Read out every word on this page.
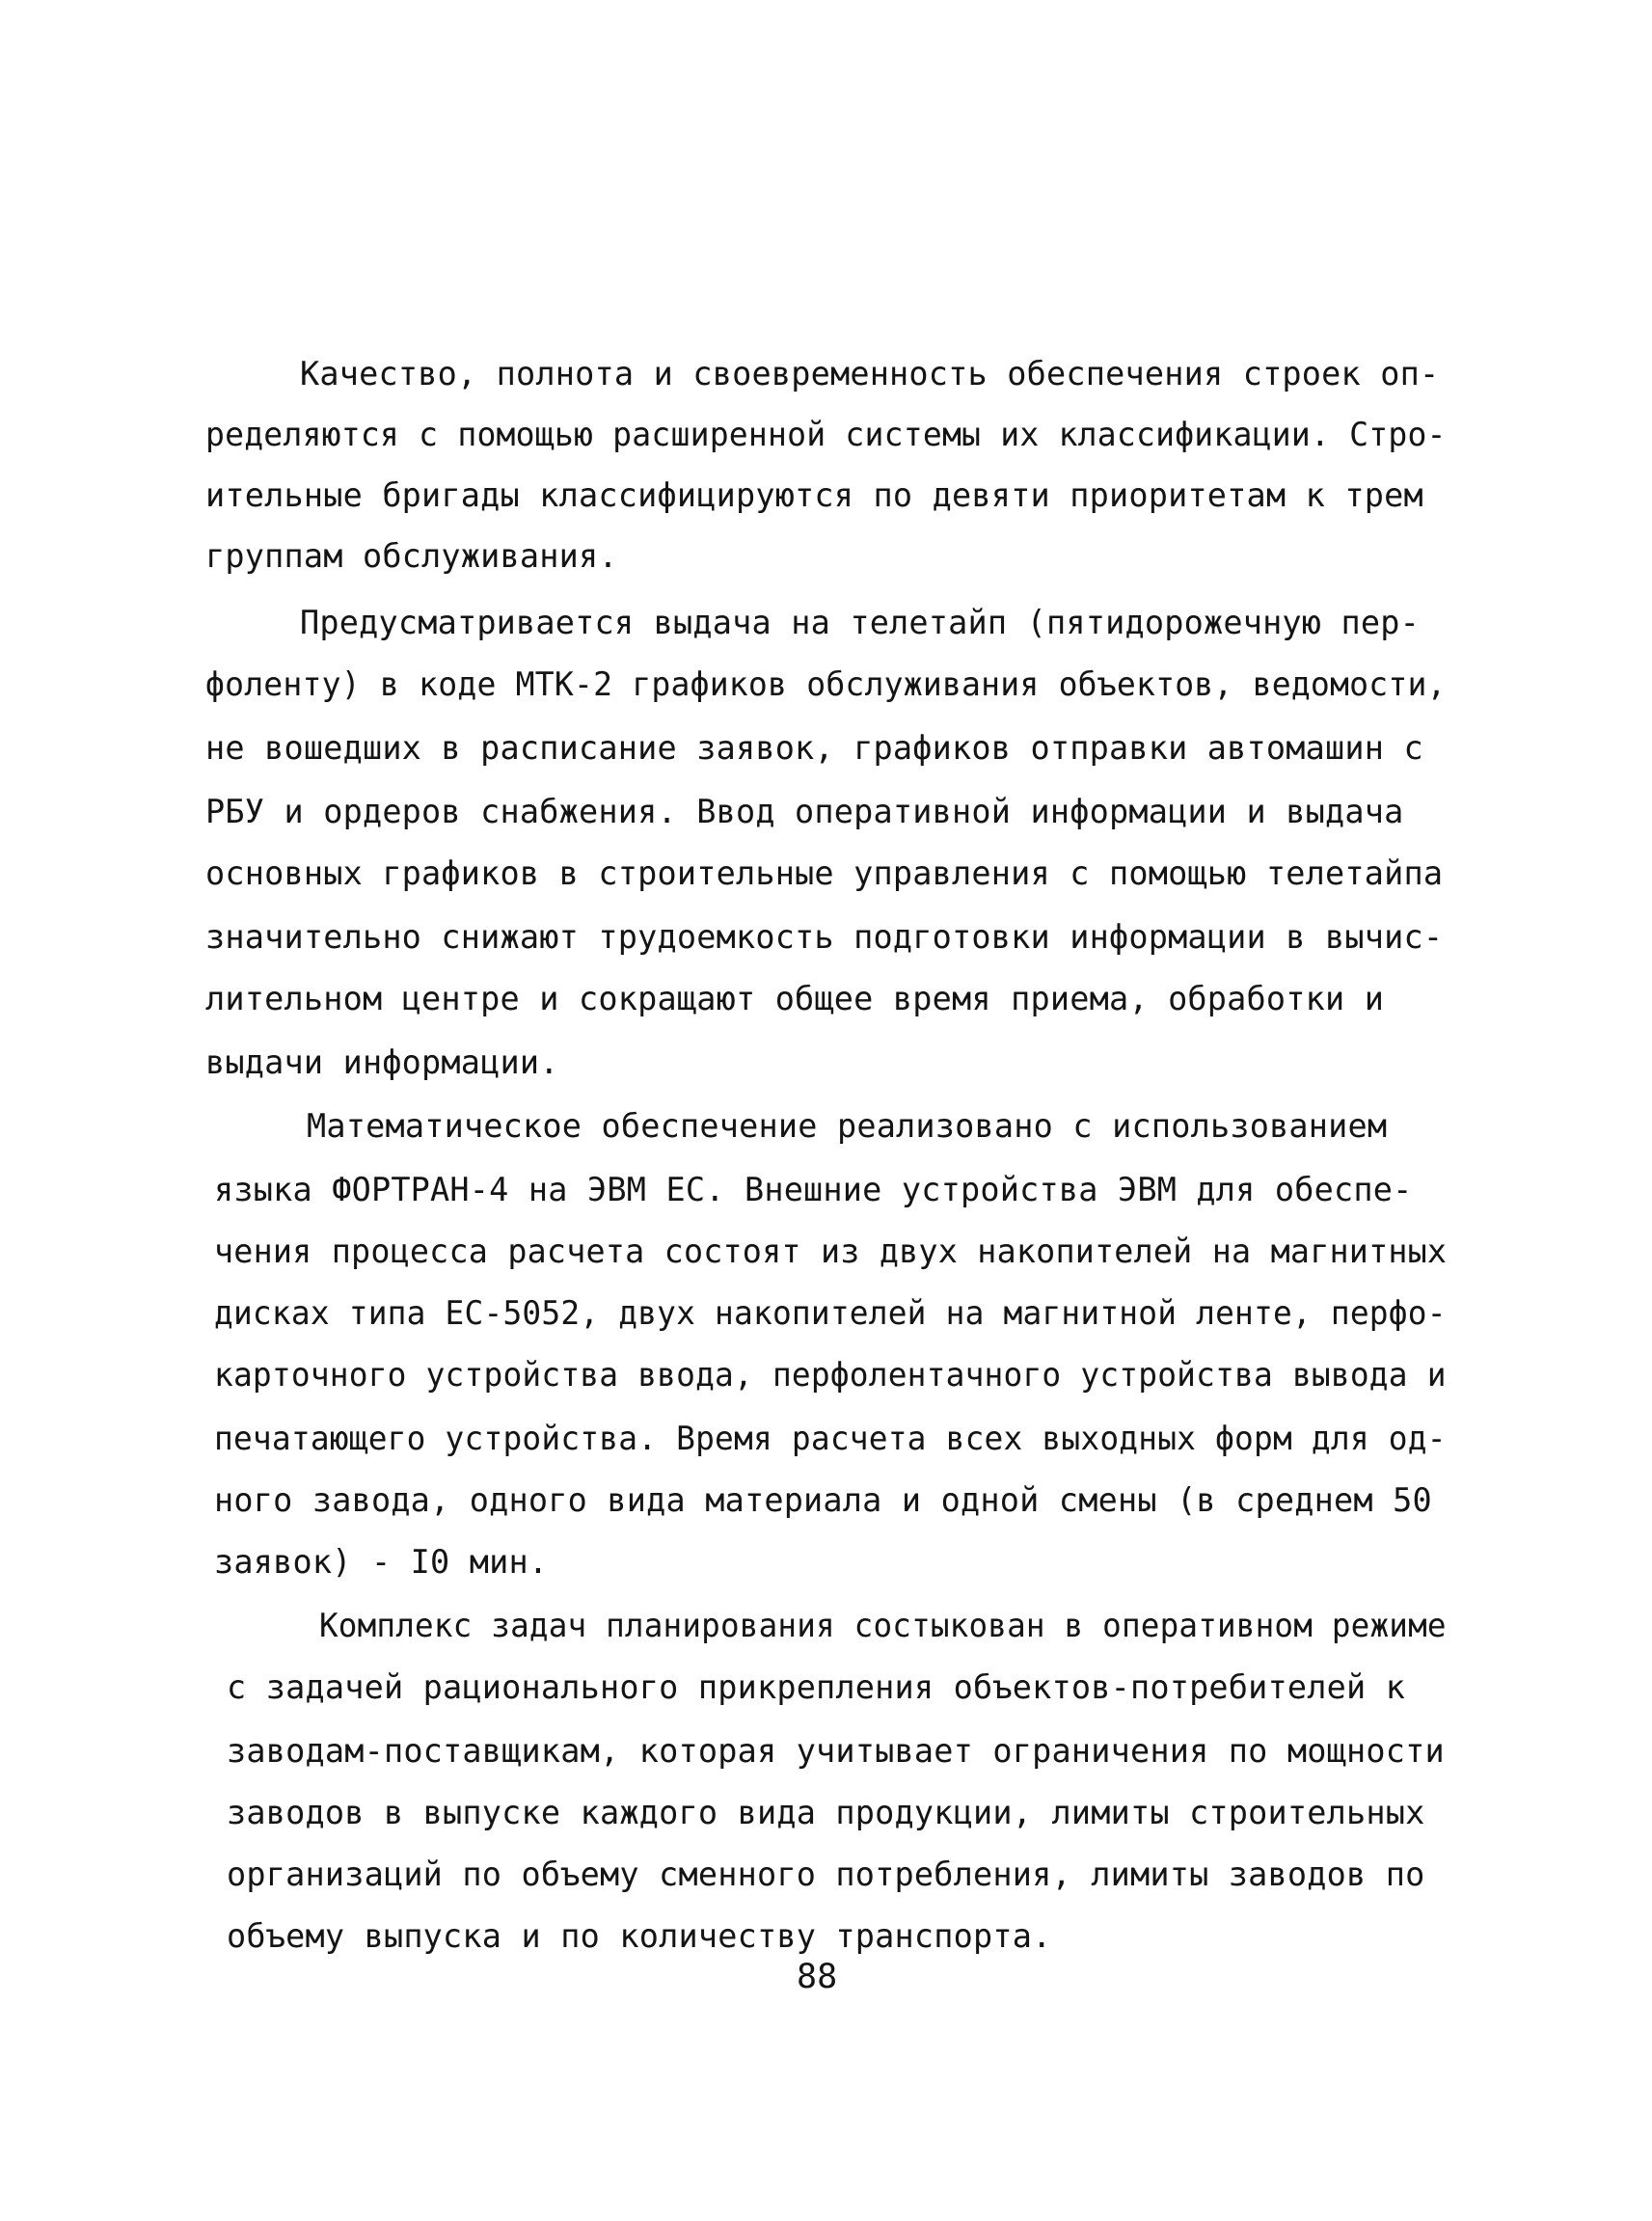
Качество, полнота и своевременность обеспечения строек оп-
ределяются с помощью расширенной системы их классификации. Стро-
ительные бригады классифицируются по девяти приоритетам к трем
группам обслуживания.
Предусматривается выдача на телетайп (пятидорожечную пер-
фоленту) в коде МТК-2 графиков обслуживания объектов, ведомости,
не вошедших в расписание заявок, графиков отправки автомашин с
РБУ и ордеров снабжения. Ввод оперативной информации и выдача
основных графиков в строительные управления с помощью телетайпа
значительно снижают трудоемкость подготовки информации в вычис-
лительном центре и сокращают общее время приема, обработки и
выдачи информации.
Математическое обеспечение реализовано с использованием
языка ФОРТРАН-4 на ЭВМ ЕС. Внешние устройства ЭВМ для обеспе-
чения процесса расчета состоят из двух накопителей на магнитных
дисках типа ЕС-5052, двух накопителей на магнитной ленте, перфо-
карточного устройства ввода, перфолентачного устройства вывода и
печатающего устройства. Время расчета всех выходных форм для од-
ного завода, одного вида материала и одной смены (в среднем 50
заявок) - I0 мин.
Комплекс задач планирования состыкован в оперативном режиме
с задачей рационального прикрепления объектов-потребителей к
заводам-поставщикам, которая учитывает ограничения по мощности
заводов в выпуске каждого вида продукции, лимиты строительных
организаций по объему сменного потребления, лимиты заводов по
объему выпуска и по количеству транспорта.
88
